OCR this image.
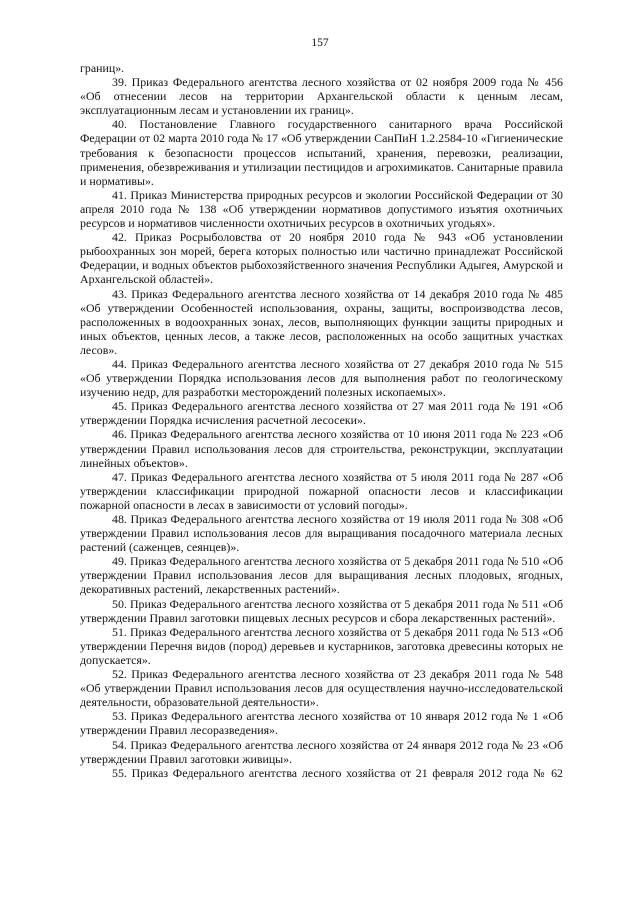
157

границ».

39. Приказ Федерального агентства лесного хозяйства от 02 ноября 2009 года № 456 «Об отнесении лесов на территории Архангельской области к ценным лесам, эксплуатационным лесам и установлении их границ».

40. Постановление Главного государственного санитарного врача Российской Федерации от 02 марта 2010 года № 17 «Об утверждении СанПиН 1.2.2584-10 «Гигиенические требования к безопасности процессов испытаний, хранения, перевозки, реализации, применения, обезвреживания и утилизации пестицидов и агрохимикатов. Санитарные правила и нормативы».

41. Приказ Министерства природных ресурсов и экологии Российской Федерации от 30 апреля 2010 года № 138 «Об утверждении нормативов допустимого изъятия охотничьих ресурсов и нормативов численности охотничьих ресурсов в охотничьих угодьях».

42. Приказ Росрыболовства от 20 ноября 2010 года № 943 «Об установлении рыбоохранных зон морей, берега которых полностью или частично принадлежат Российской Федерации, и водных объектов рыбохозяйственного значения Республики Адыгея, Амурской и Архангельской областей».

43. Приказ Федерального агентства лесного хозяйства от 14 декабря 2010 года № 485 «Об утверждении Особенностей использования, охраны, защиты, воспроизводства лесов, расположенных в водоохранных зонах, лесов, выполняющих функции защиты природных и иных объектов, ценных лесов, а также лесов, расположенных на особо защитных участках лесов».

44. Приказ Федерального агентства лесного хозяйства от 27 декабря 2010 года № 515 «Об утверждении Порядка использования лесов для выполнения работ по геологическому изучению недр, для разработки месторождений полезных ископаемых».

45. Приказ Федерального агентства лесного хозяйства от 27 мая 2011 года № 191 «Об утверждении Порядка исчисления расчетной лесосеки».

46. Приказ Федерального агентства лесного хозяйства от 10 июня 2011 года № 223 «Об утверждении Правил использования лесов для строительства, реконструкции, эксплуатации линейных объектов».

47. Приказ Федерального агентства лесного хозяйства от 5 июля 2011 года № 287 «Об утверждении классификации природной пожарной опасности лесов и классификации пожарной опасности в лесах в зависимости от условий погоды».

48. Приказ Федерального агентства лесного хозяйства от 19 июля 2011 года № 308 «Об утверждении Правил использования лесов для выращивания посадочного материала лесных растений (саженцев, сеянцев)».

49. Приказ Федерального агентства лесного хозяйства от 5 декабря 2011 года № 510 «Об утверждении Правил использования лесов для выращивания лесных плодовых, ягодных, декоративных растений, лекарственных растений».

50. Приказ Федерального агентства лесного хозяйства от 5 декабря 2011 года № 511 «Об утверждении Правил заготовки пищевых лесных ресурсов и сбора лекарственных растений».

51. Приказ Федерального агентства лесного хозяйства от 5 декабря 2011 года № 513 «Об утверждении Перечня видов (пород) деревьев и кустарников, заготовка древесины которых не допускается».

52. Приказ Федерального агентства лесного хозяйства от 23 декабря 2011 года № 548 «Об утверждении Правил использования лесов для осуществления научно-исследовательской деятельности, образовательной деятельности».

53. Приказ Федерального агентства лесного хозяйства от 10 января 2012 года № 1 «Об утверждении Правил лесоразведения».

54. Приказ Федерального агентства лесного хозяйства от 24 января 2012 года № 23 «Об утверждении Правил заготовки живицы».

55. Приказ Федерального агентства лесного хозяйства от 21 февраля 2012 года № 62
